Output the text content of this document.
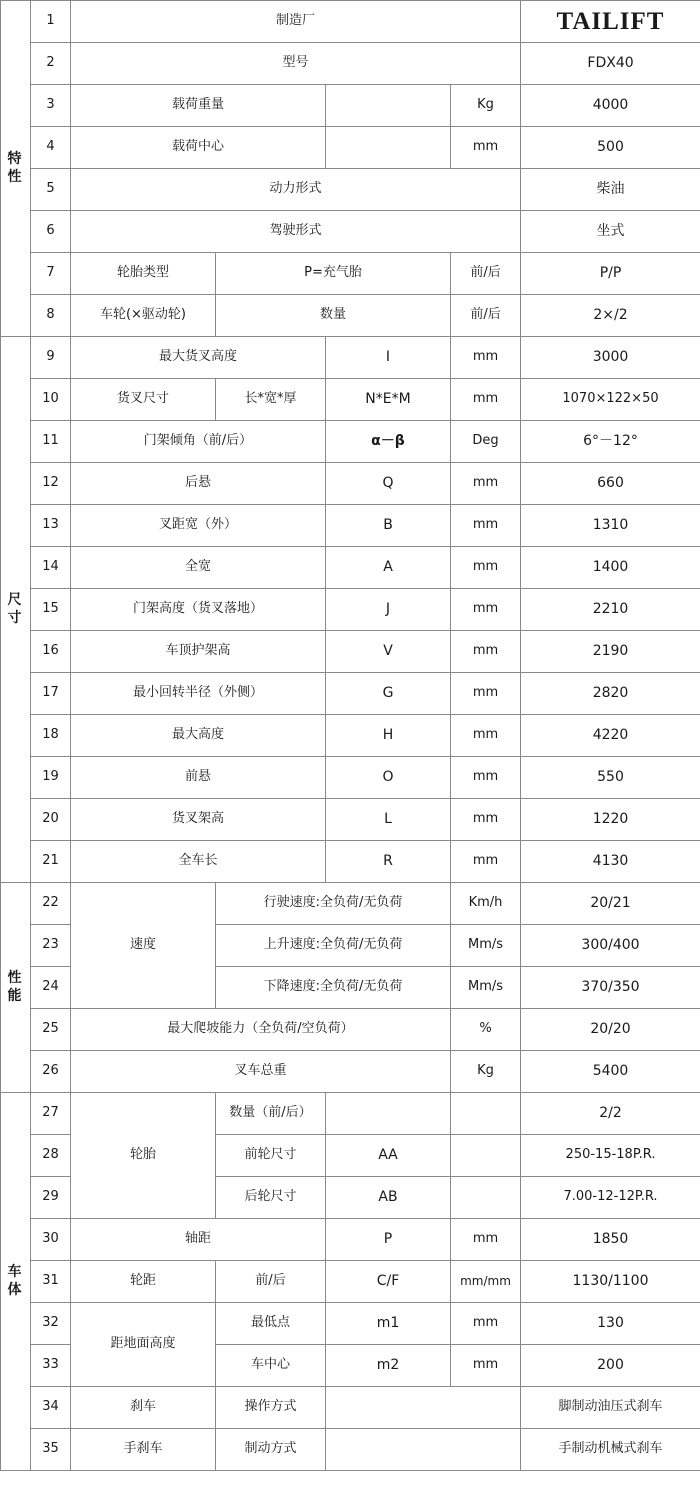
特
性	1	制造厂				TAILIFT
	2	型号				FDX40
	3	载荷重量			Kg	4000
	4	载荷中心			mm	500
	5	动力形式				柴油
	6	驾驶形式				坐式
	7	轮胎类型	P=充气胎		前/后	P/P
	8	车轮(×驱动轮)	数量		前/后	2×/2

尺
寸	9	最大货叉高度		I	mm	3000
	10	货叉尺寸	长*宽*厚	N*E*M	mm	1070×122×50
	11	门架倾角（前/后）		α－β	Deg	6°－12°
	12	后悬		Q	mm	660
	13	叉距宽（外）		B	mm	1310
	14	全宽		A	mm	1400
	15	门架高度（货叉落地）		J	mm	2210
	16	车顶护架高		V	mm	2190
	17	最小回转半径（外侧）		G	mm	2820
	18	最大高度		H	mm	4220
	19	前悬		O	mm	550
	20	货叉架高		L	mm	1220
	21	全车长		R	mm	4130

性
能	22	速度	行驶速度:全负荷/无负荷		Km/h	20/21
	23		上升速度:全负荷/无负荷		Mm/s	300/400
	24		下降速度:全负荷/无负荷		Mm/s	370/350
	25	最大爬坡能力（全负荷/空负荷）			%	20/20
	26	叉车总重			Kg	5400

车
体	27	轮胎	数量（前/后）			2/2
	28		前轮尺寸	AA		250-15-18P.R.
	29		后轮尺寸	AB		7.00-12-12P.R.
	30	轴距		P	mm	1850
	31	轮距	前/后	C/F	mm/mm	1130/1100
	32	距地面高度	最低点	m1	mm	130
	33		车中心	m2	mm	200
	34	刹车	操作方式			脚制动油压式刹车
	35	手刹车	制动方式			手制动机械式刹车
